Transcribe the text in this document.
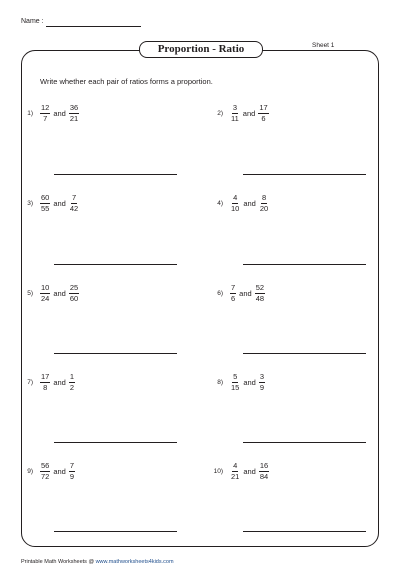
Name :
Sheet 1
Proportion - Ratio
Write whether each pair of ratios forms a proportion.
$1) \frac{12}{7}$ and $\frac{36}{21}$	$2) \frac{3}{11}$ and $\frac{17}{6}$
$3) \frac{60}{55}$ and $\frac{7}{42}$	$4) \frac{4}{10}$ and $\frac{8}{20}$
$5) \frac{10}{24}$ and $\frac{25}{60}$	$6) \frac{7}{6}$ and $\frac{52}{48}$
$7) \frac{17}{8}$ and $\frac{1}{2}$	$8) \frac{5}{15}$ and $\frac{3}{9}$
$9) \frac{56}{72}$ and $\frac{7}{9}$	$10) \frac{4}{21}$ and $\frac{16}{84}$
Printable Math Worksheets @ www.mathworksheets4kids.com
